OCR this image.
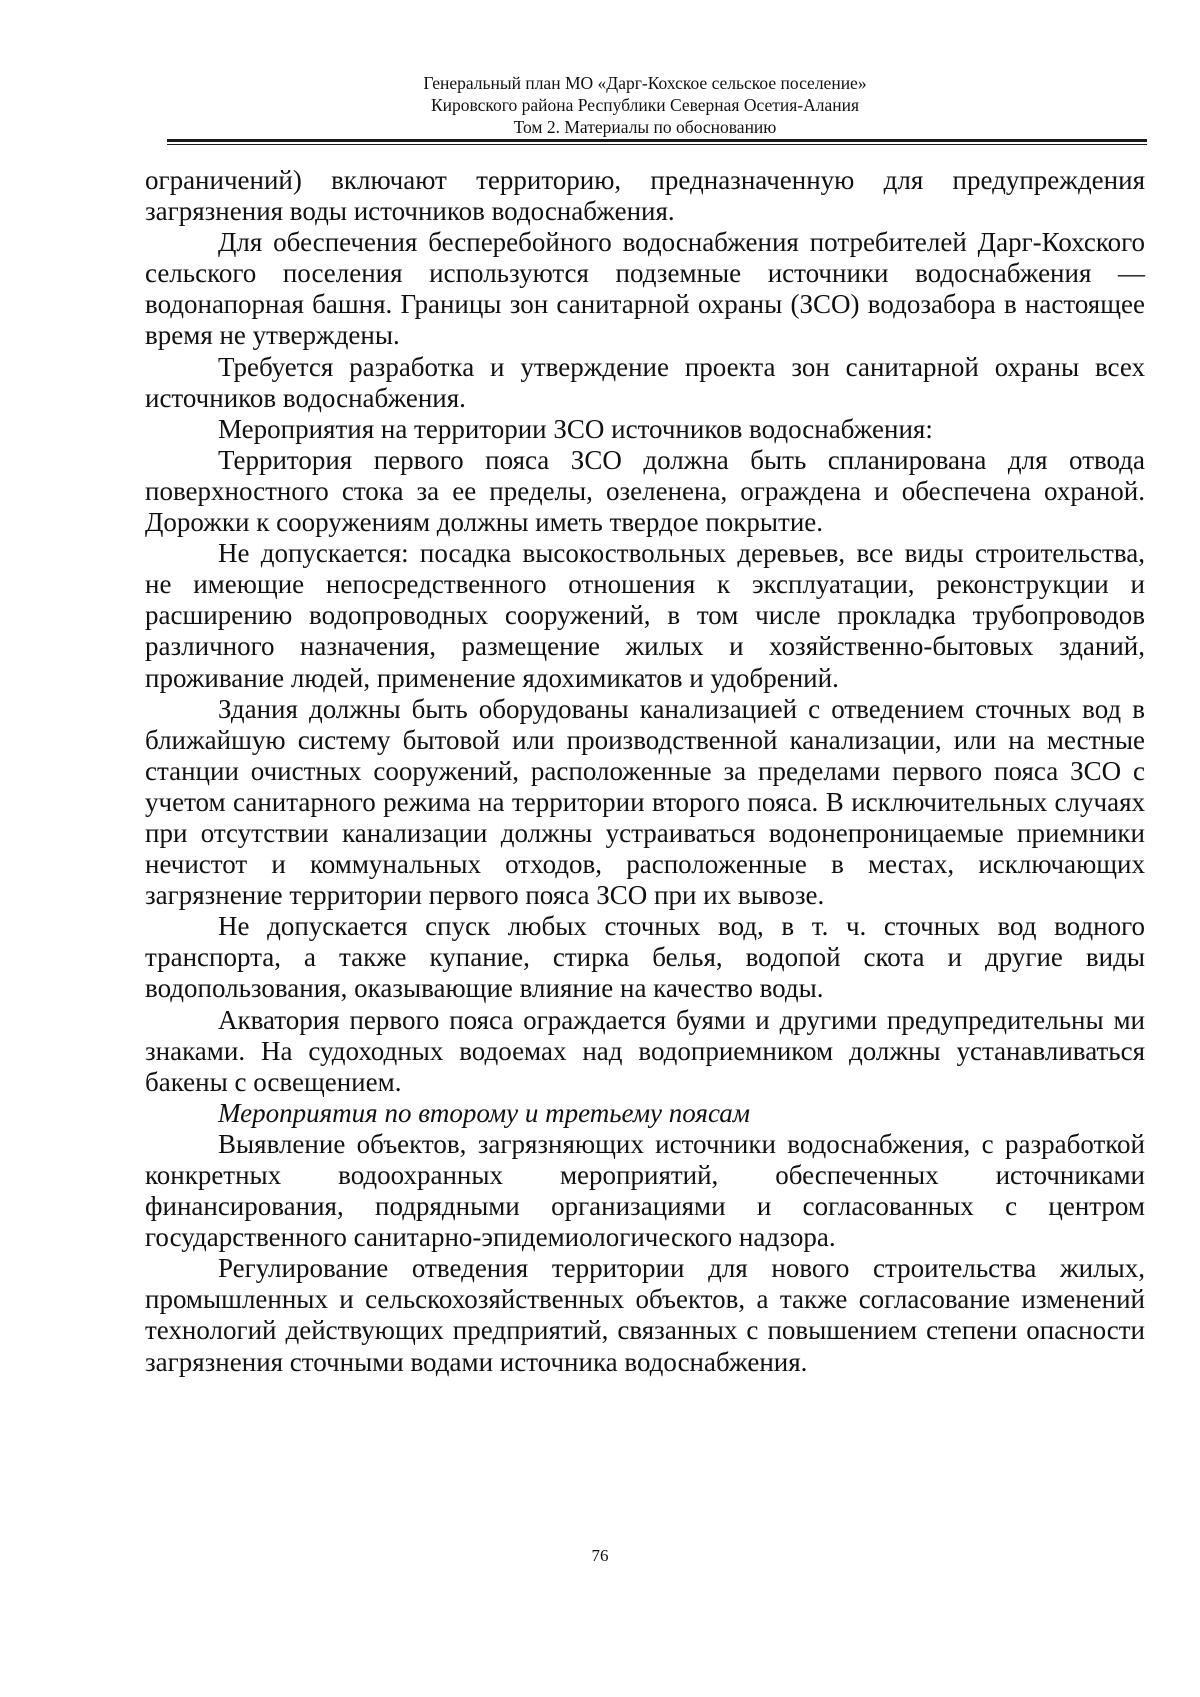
Генеральный план МО «Дарг-Кохское сельское поселение»
Кировского района Республики Северная Осетия-Алания
Том 2. Материалы по обоснованию

ограничений) включают территорию, предназначенную для предупреждения загрязнения воды источников водоснабжения.

Для обеспечения бесперебойного водоснабжения потребителей Дарг-Кохского сельского поселения используются подземные источники водоснабжения — водонапорная башня. Границы зон санитарной охраны (ЗСО) водозабора в настоящее время не утверждены.

Требуется разработка и утверждение проекта зон санитарной охраны всех источников водоснабжения.

Мероприятия на территории ЗСО источников водоснабжения:

Территория первого пояса ЗСО должна быть спланирована для отвода поверхностного стока за ее пределы, озеленена, ограждена и обеспечена охраной. Дорожки к сооружениям должны иметь твердое покрытие.

Не допускается: посадка высокоствольных деревьев, все виды строительства, не имеющие непосредственного отношения к эксплуатации, реконструкции и расширению водопроводных сооружений, в том числе прокладка трубопроводов различного назначения, размещение жилых и хозяйственно-бытовых зданий, проживание людей, применение ядохимикатов и удобрений.

Здания должны быть оборудованы канализацией с отведением сточных вод в ближайшую систему бытовой или производственной канализации, или на местные станции очистных сооружений, расположенные за пределами первого пояса ЗСО с учетом санитарного режима на территории второго пояса. В исключительных случаях при отсутствии канализации должны устраиваться водонепроницаемые приемники нечистот и коммунальных отходов, расположенные в местах, исключающих загрязнение территории первого пояса ЗСО при их вывозе.

Не допускается спуск любых сточных вод, в т. ч. сточных вод водного транспорта, а также купание, стирка белья, водопой скота и другие виды водопользования, оказывающие влияние на качество воды.

Акватория первого пояса ограждается буями и другими предупредительны ми знаками. На судоходных водоемах над водоприемником должны устанавливаться бакены с освещением.

Мероприятия по второму и третьему поясам

Выявление объектов, загрязняющих источники водоснабжения, с разработкой конкретных водоохранных мероприятий, обеспеченных источниками финансирования, подрядными организациями и согласованных с центром государственного санитарно-эпидемиологического надзора.

Регулирование отведения территории для нового строительства жилых, промышленных и сельскохозяйственных объектов, а также согласование изменений технологий действующих предприятий, связанных с повышением степени опасности загрязнения сточными водами источника водоснабжения.

76
